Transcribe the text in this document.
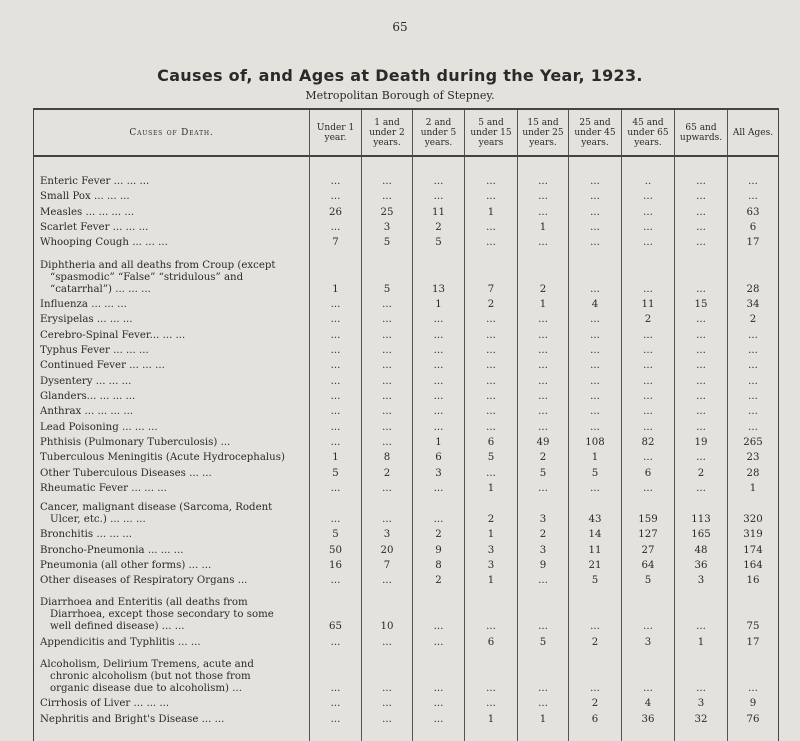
65
Causes of, and Ages at Death during the Year, 1923.
Metropolitan Borough of Stepney.
Causes of Death.	Under 1 year.	1 and under 2 years.	2 and under 5 years.	5 and under 15 years	15 and under 25 years.	25 and under 45 years.	45 and under 65 years.	65 and upwards.	All Ages.

Enteric Fever ... ... ...	...	...	...	...	...	...	..	...	...

Small Pox ... ... ...	...	...	...	...	...	...	...	...	...

Measles ... ... ... ...	26	25	11	1	...	...	...	...	63

Scarlet Fever ... ... ...	...	3	2	...	1	...	...	...	6

Whooping Cough ... ... ...	7	5	5	...	...	...	...	...	17

Diphtheria and all deaths from Croup (except
“spasmodic” “False” “stridulous” and
“catarrhal”) ... ... ...	1	5	13	7	2	...	...	...	28

Influenza ... ... ...	...	...	1	2	1	4	11	15	34

Erysipelas ... ... ...	...	...	...	...	...	...	2	...	2

Cerebro-Spinal Fever... ... ...	...	...	...	...	...	...	...	...	...

Typhus Fever ... ... ...	...	...	...	...	...	...	...	...	...

Continued Fever ... ... ...	...	...	...	...	...	...	...	...	...

Dysentery ... ... ...	...	...	...	...	...	...	...	...	...

Glanders... ... ... ...	...	...	...	...	...	...	...	...	...

Anthrax ... ... ... ...	...	...	...	...	...	...	...	...	...

Lead Poisoning ... ... ...	...	...	...	...	...	...	...	...	...

Phthisis (Pulmonary Tuberculosis) ...	...	...	1	6	49	108	82	19	265

Tuberculous Meningitis (Acute Hydrocephalus)	1	8	6	5	2	1	...	...	23

Other Tuberculous Diseases ... ...	5	2	3	...	5	5	6	2	28

Rheumatic Fever ... ... ...	...	...	...	1	...	...	...	...	1

Cancer, malignant disease (Sarcoma, Rodent
Ulcer, etc.) ... ... ...	...	...	...	2	3	43	159	113	320

Bronchitis ... ... ...	5	3	2	1	2	14	127	165	319

Broncho-Pneumonia ... ... ...	50	20	9	3	3	11	27	48	174

Pneumonia (all other forms) ... ...	16	7	8	3	9	21	64	36	164

Other diseases of Respiratory Organs ...	...	...	2	1	...	5	5	3	16

Diarrhoea and Enteritis (all deaths from
Diarrhoea, except those secondary to some
well defined disease) ... ...	65	10	...	...	...	...	...	...	75

Appendicitis and Typhlitis ... ...	...	...	...	6	5	2	3	1	17

Alcoholism, Delirium Tremens, acute and
chronic alcoholism (but not those from
organic disease due to alcoholism) ...	...	...	...	...	...	...	...	...	...

Cirrhosis of Liver ... ... ...	...	...	...	...	...	2	4	3	9

Nephritis and Bright's Disease ... ...	...	...	...	1	1	6	36	32	76
